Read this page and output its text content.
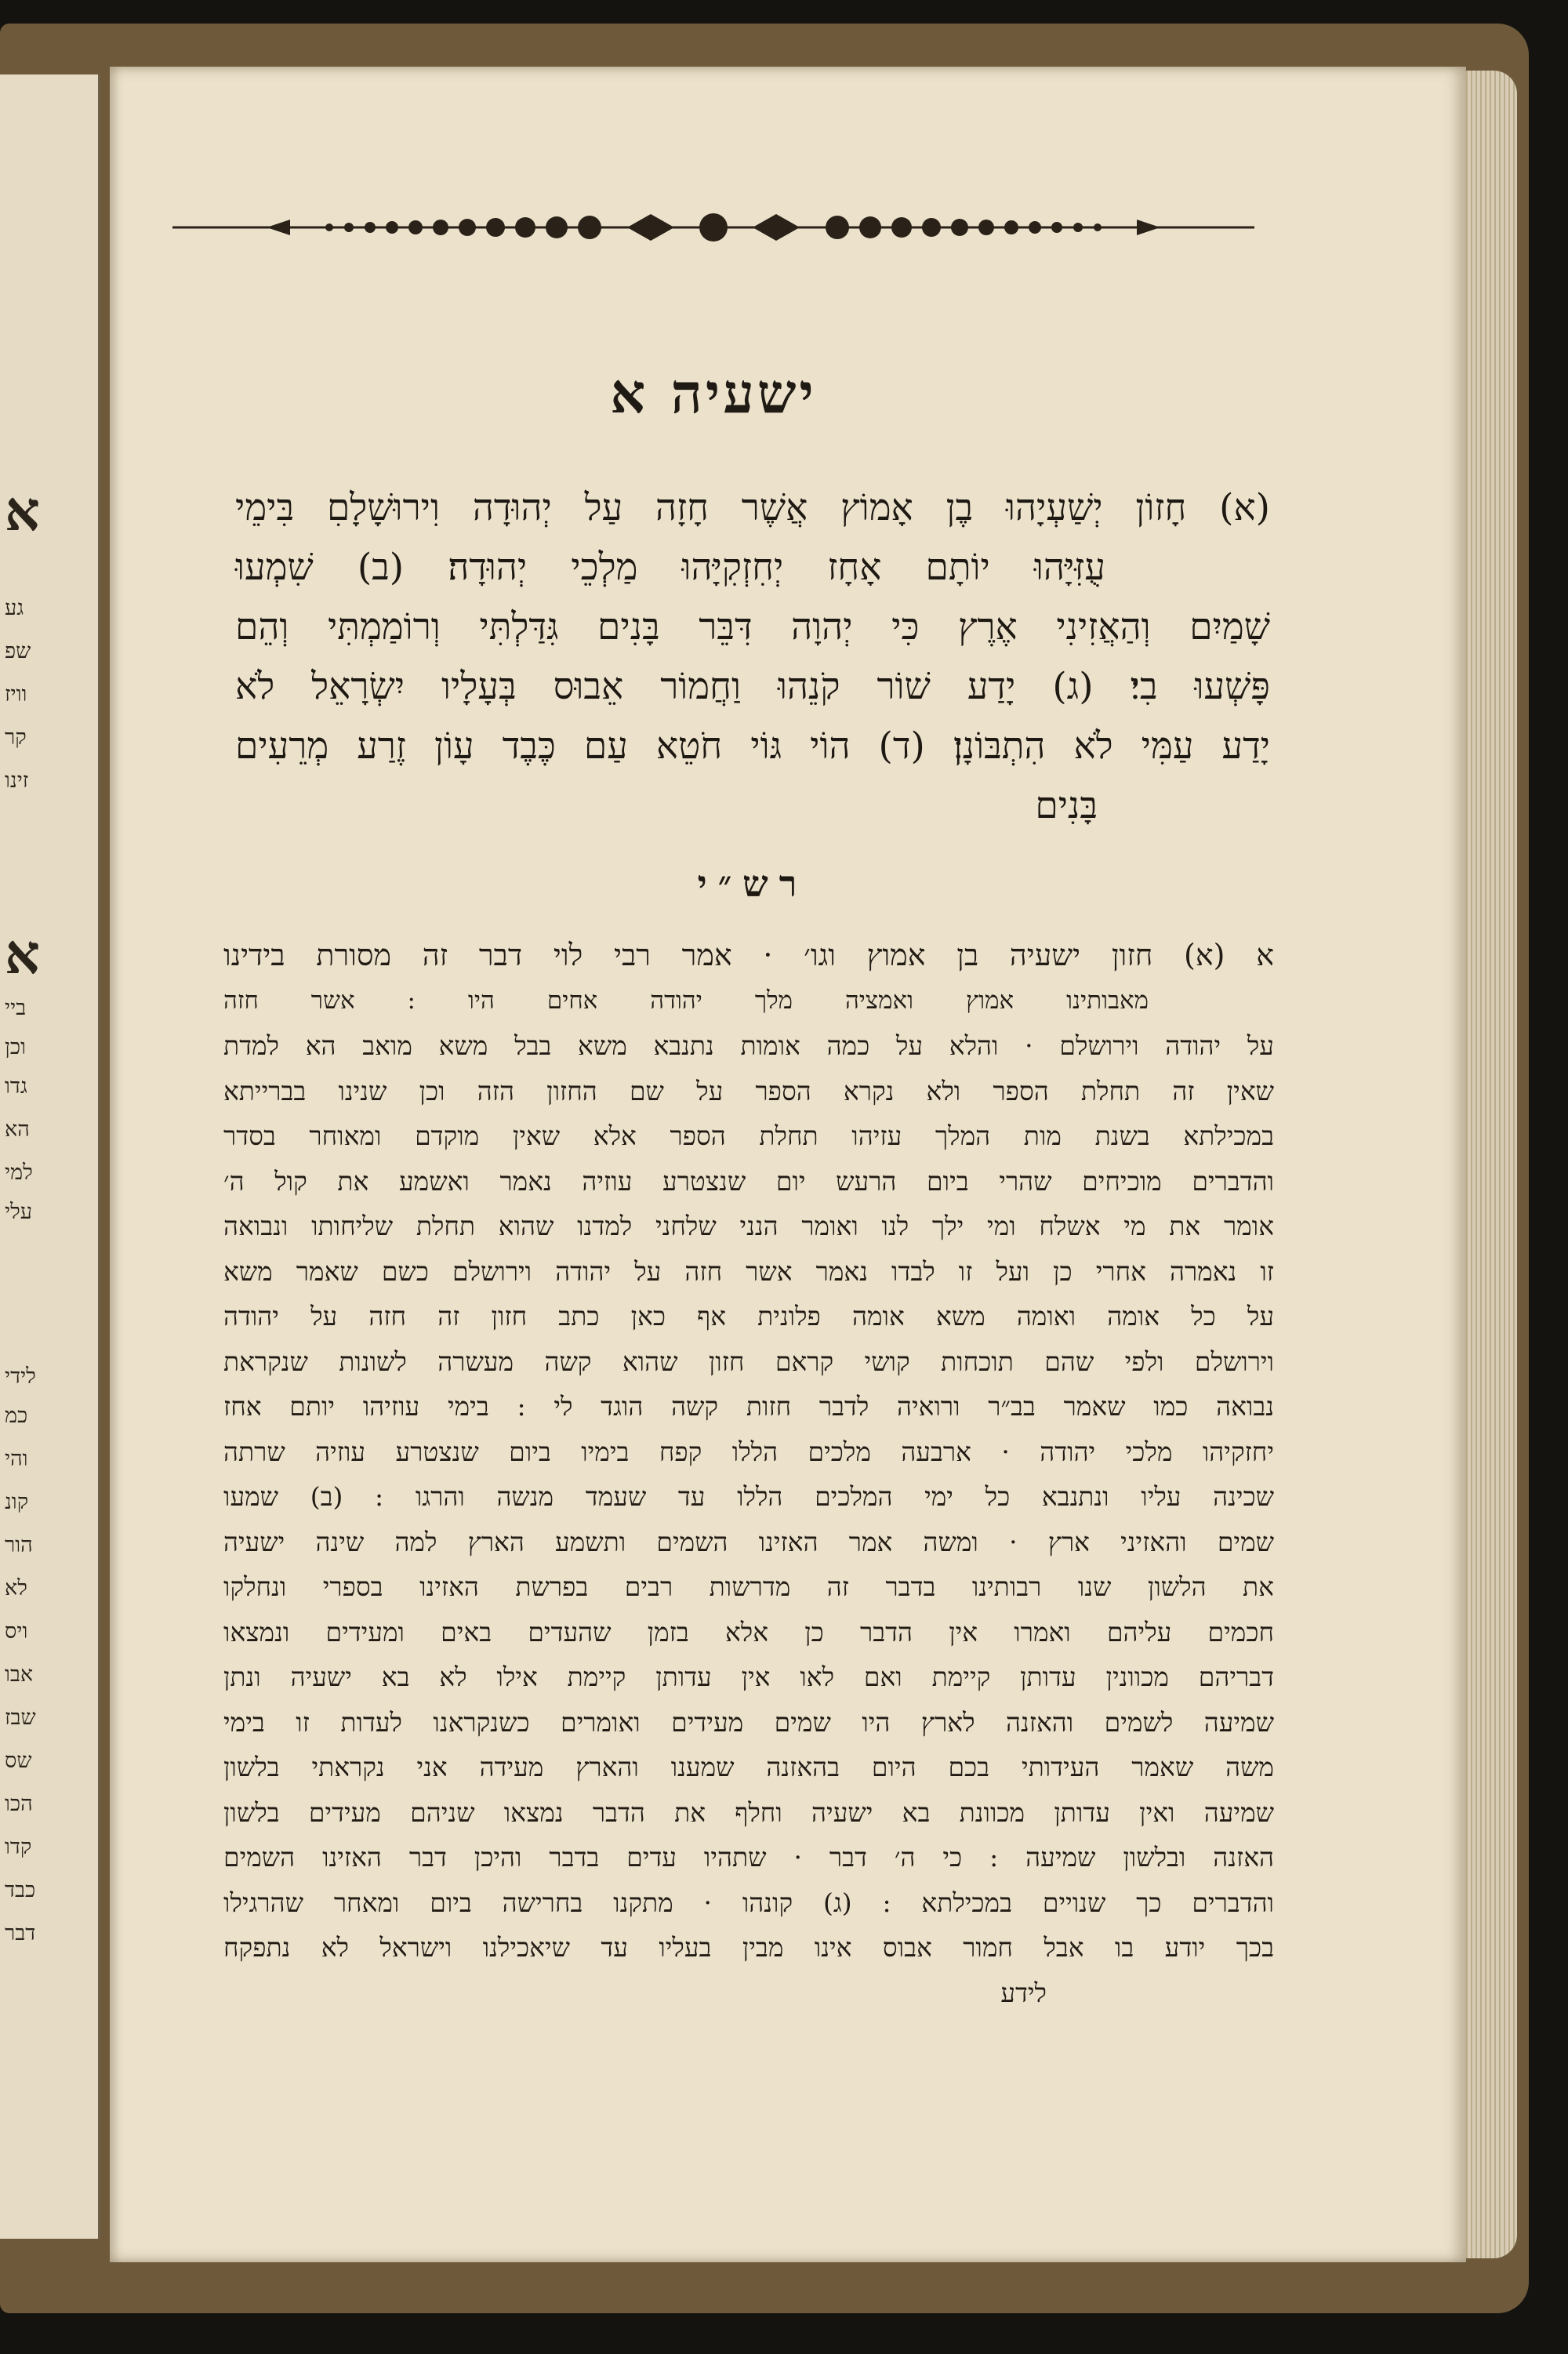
א
גע
שפ
וויז
קר
זינו
א
ביי
וכן
גדו
הא
למי
עלי
לידי
כמ
והי
קונ
הור
לא
ויס
אבו
שבז
שס
הכו
קדו
כבד
דבר
ישעיה א
(א) חָזוֹן יְשַׁעְיָהוּ בֶן אָמוֹץ אֲשֶׁר חָזָה עַל יְהוּדָה וִירוּשָׁלָםִ בִּימֵי
עֻזִּיָּהוּ יוֹתָם אָחָז יְחִזְקִיָּהוּ מַלְכֵי יְהוּדָה׃ (ב) שִׁמְעוּ
שָׁמַיִם וְהַאֲזִינִי אֶרֶץ כִּי יְהוָה דִּבֵּר בָּנִים גִּדַּלְתִּי וְרוֹמַמְתִּי וְהֵם
פָּשְׁעוּ בִי׃ (ג) יָדַע שׁוֹר קֹנֵהוּ וַחֲמוֹר אֵבוּס בְּעָלָיו יִשְׂרָאֵל לֹא
יָדַע עַמִּי לֹא הִתְבּוֹנָן׃ (ד) הוֹי גּוֹי חֹטֵא עַם כֶּבֶד עָוֹן זֶרַע מְרֵעִים
בָּנִים
רש״י
א (א) חזון ישעיה בן אמוץ וגו׳ · אמר רבי לוי דבר זה מסורת בידינו
מאבותינו אמוץ ואמציה מלך יהודה אחים היו : אשר חזה
על יהודה וירושלם · והלא על כמה אומות נתנבא משא בבל משא מואב הא למדת
שאין זה תחלת הספר ולא נקרא הספר על שם החזון הזה וכן שנינו בברייתא
במכילתא בשנת מות המלך עזיהו תחלת הספר אלא שאין מוקדם ומאוחר בסדר
והדברים מוכיחים שהרי ביום הרעש יום שנצטרע עוזיה נאמר ואשמע את קול ה׳
אומר את מי אשלח ומי ילך לנו ואומר הנני שלחני למדנו שהוא תחלת שליחותו ונבואה
זו נאמרה אחרי כן ועל זו לבדו נאמר אשר חזה על יהודה וירושלם כשם שאמר משא
על כל אומה ואומה משא אומה פלונית אף כאן כתב חזון זה חזה על יהודה
וירושלם ולפי שהם תוכחות קושי קראם חזון שהוא קשה מעשרה לשונות שנקראת
נבואה כמו שאמר בב״ר ורואיה לדבר חזות קשה הוגד לי : בימי עוזיהו יותם אחז
יחזקיהו מלכי יהודה · ארבעה מלכים הללו קפח בימיו ביום שנצטרע עוזיה שרתה
שכינה עליו ונתנבא כל ימי המלכים הללו עד שעמד מנשה והרגו : (ב) שמעו
שמים והאזיני ארץ · ומשה אמר האזינו השמים ותשמע הארץ למה שינה ישעיה
את הלשון שנו רבותינו בדבר זה מדרשות רבים בפרשת האזינו בספרי ונחלקו
חכמים עליהם ואמרו אין הדבר כן אלא בזמן שהעדים באים ומעידים ונמצאו
דבריהם מכוונין עדותן קיימת ואם לאו אין עדותן קיימת אילו לא בא ישעיה ונתן
שמיעה לשמים והאזנה לארץ היו שמים מעידים ואומרים כשנקראנו לעדות זו בימי
משה שאמר העידותי בכם היום בהאזנה שמענו והארץ מעידה אני נקראתי בלשון
שמיעה ואין עדותן מכוונת בא ישעיה וחלף את הדבר נמצאו שניהם מעידים בלשון
האזנה ובלשון שמיעה : כי ה׳ דבר · שתהיו עדים בדבר והיכן דבר האזינו השמים
והדברים כך שנויים במכילתא : (ג) קונהו · מתקנו בחרישה ביום ומאחר שהרגילו
בכך יודע בו אבל חמור אבוס אינו מבין בעליו עד שיאכילנו וישראל לא נתפקח
לידע
